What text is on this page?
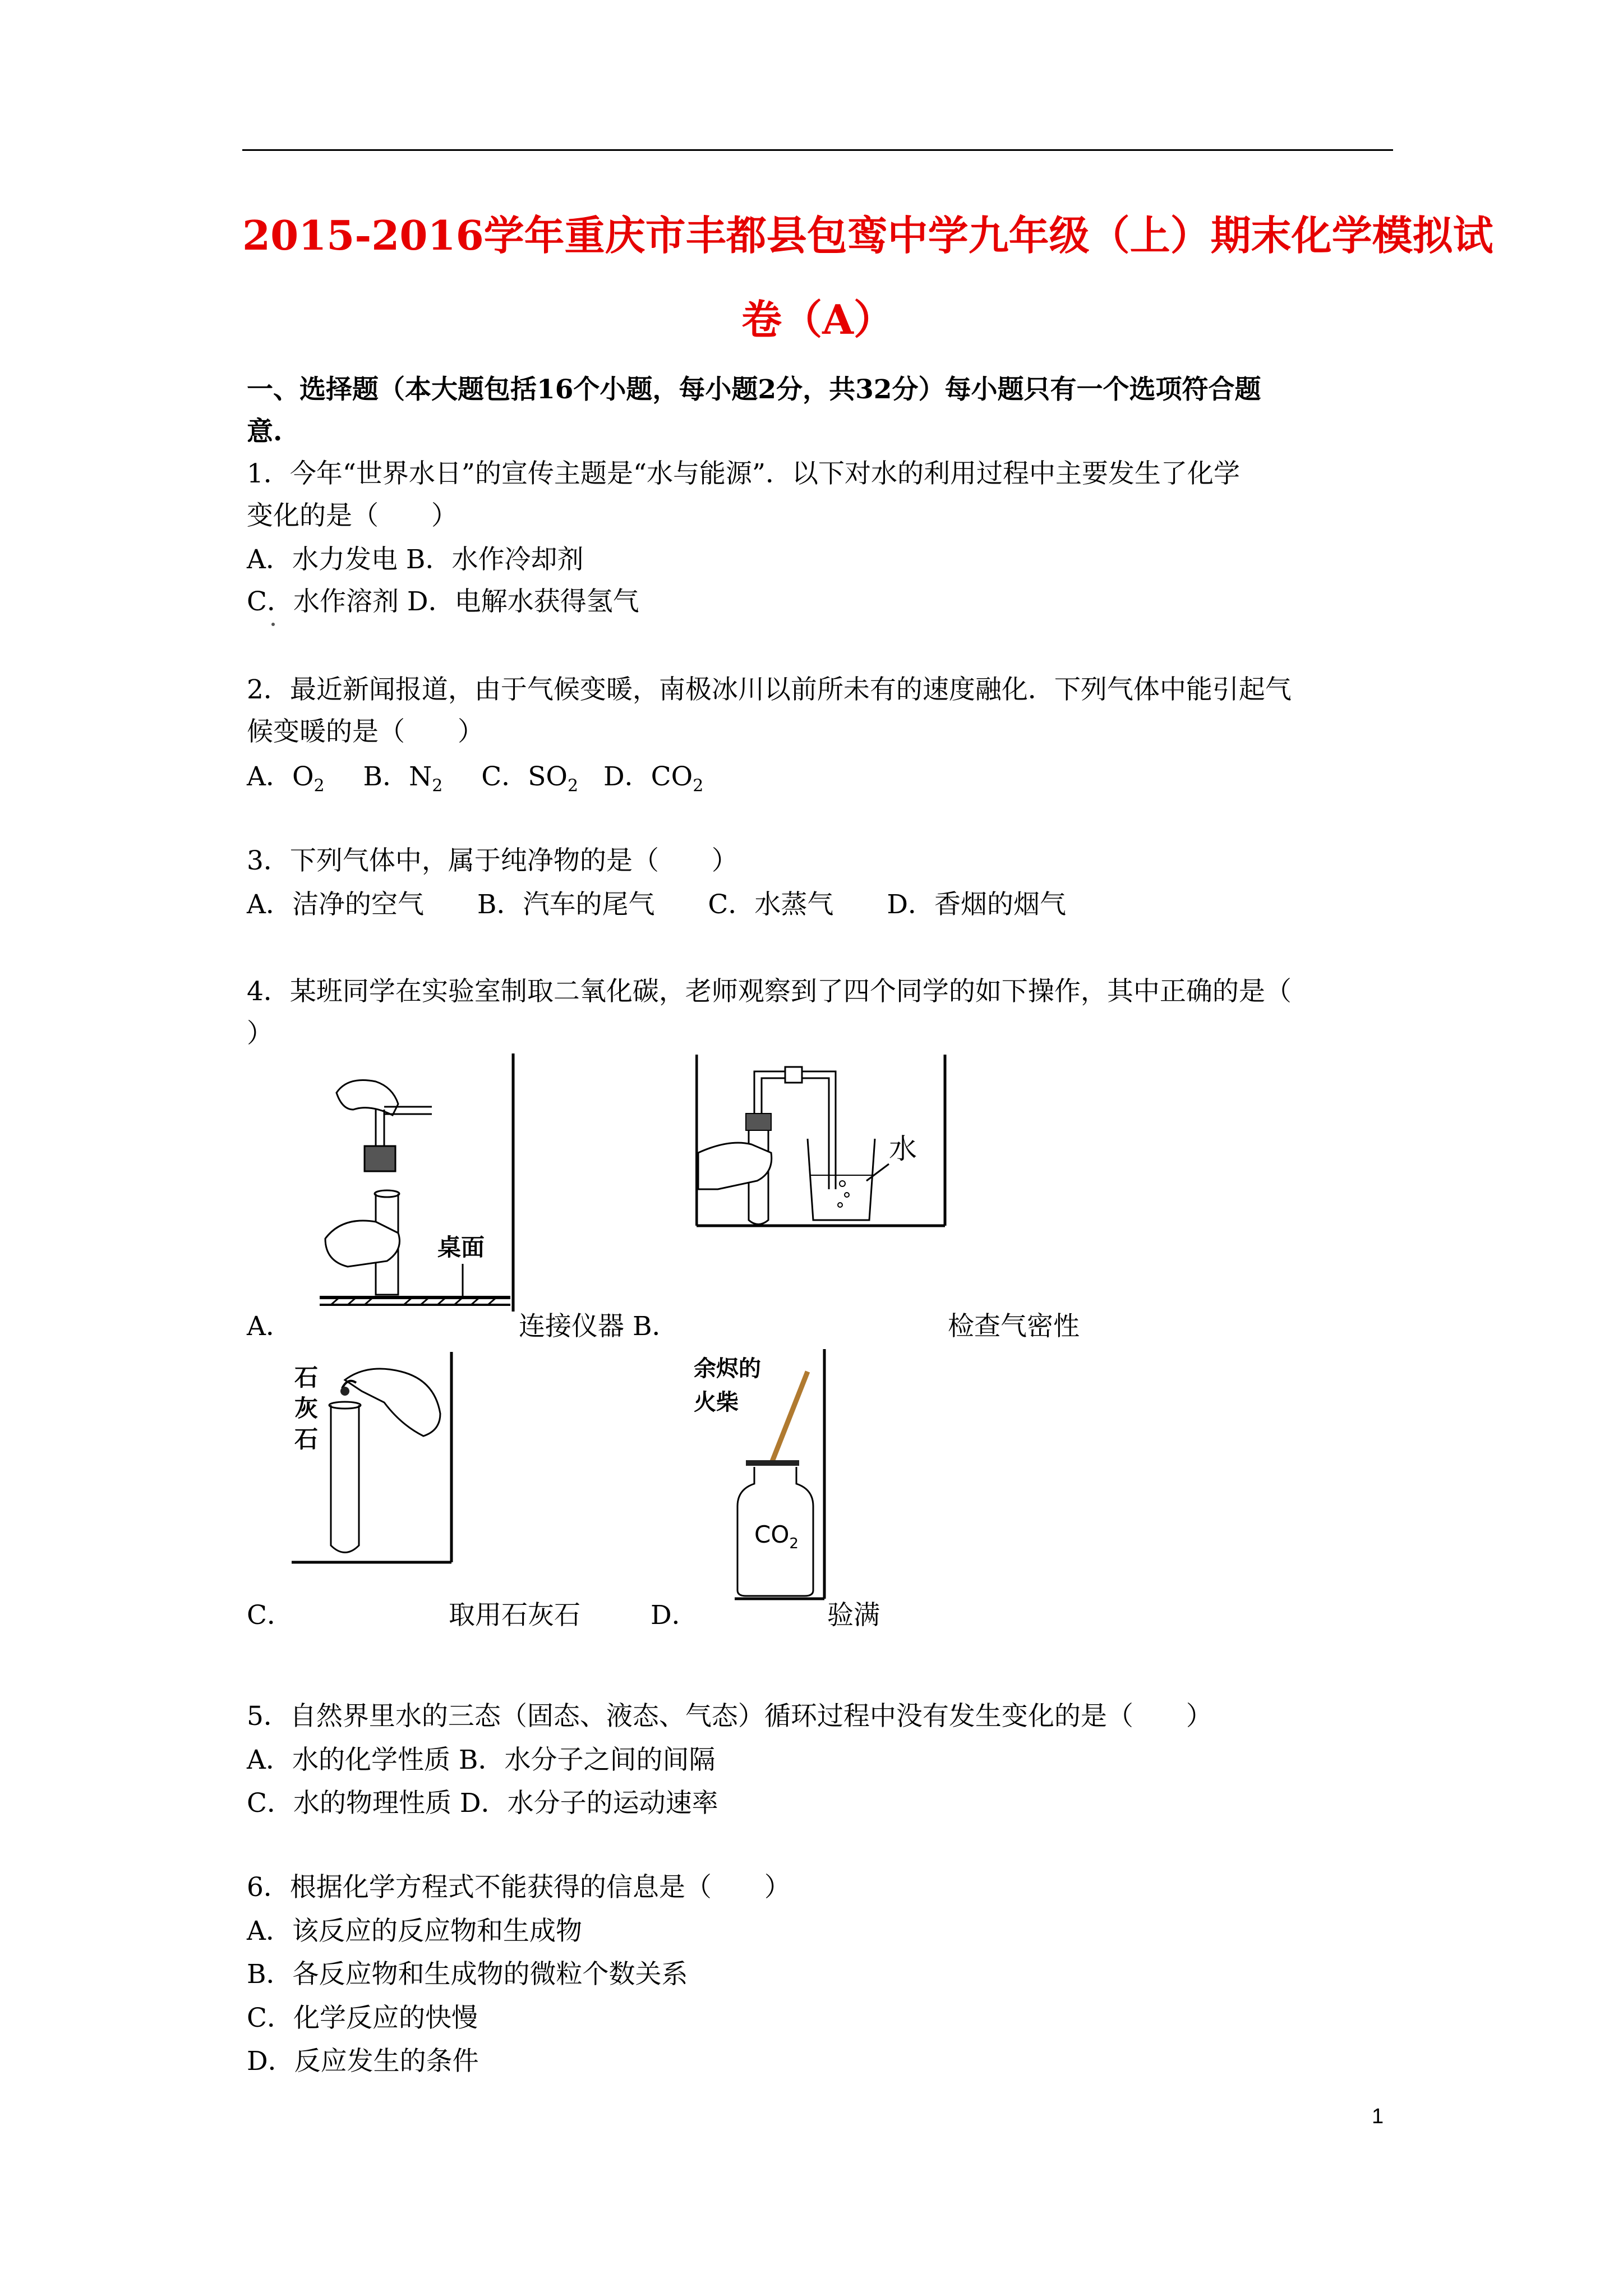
2015-2016学年重庆市丰都县包鸾中学九年级（上）期末化学模拟试
卷（A）
一、选择题（本大题包括16个小题，每小题2分，共32分）每小题只有一个选项符合题
意.
1．今年“世界水日”的宣传主题是“水与能源”．以下对水的利用过程中主要发生了化学
变化的是（　　）
A．水力发电 B．水作冷却剂
C．水作溶剂 D．电解水获得氢气
2．最近新闻报道，由于气候变暖，南极冰川以前所未有的速度融化．下列气体中能引起气
候变暖的是（　　）
A．$O_2$ B．$N_2$ C．$SO_2$ D．$CO_2$
3．下列气体中，属于纯净物的是（　　）
A．洁净的空气 B．汽车的尾气 C．水蒸气 D．香烟的烟气
4．某班同学在实验室制取二氧化碳，老师观察到了四个同学的如下操作，其中正确的是（
）
桌面
A．	连接仪器 B．
水
检查气密性
石
灰
石
C．	取用石灰石	D．
余烬的
火柴
$CO_2$
验满
5．自然界里水的三态（固态、液态、气态）循环过程中没有发生变化的是（　　）
A．水的化学性质 B．水分子之间的间隔
C．水的物理性质 D．水分子的运动速率
6．根据化学方程式不能获得的信息是（　　）
A．该反应的反应物和生成物
B．各反应物和生成物的微粒个数关系
C．化学反应的快慢
D．反应发生的条件
1
